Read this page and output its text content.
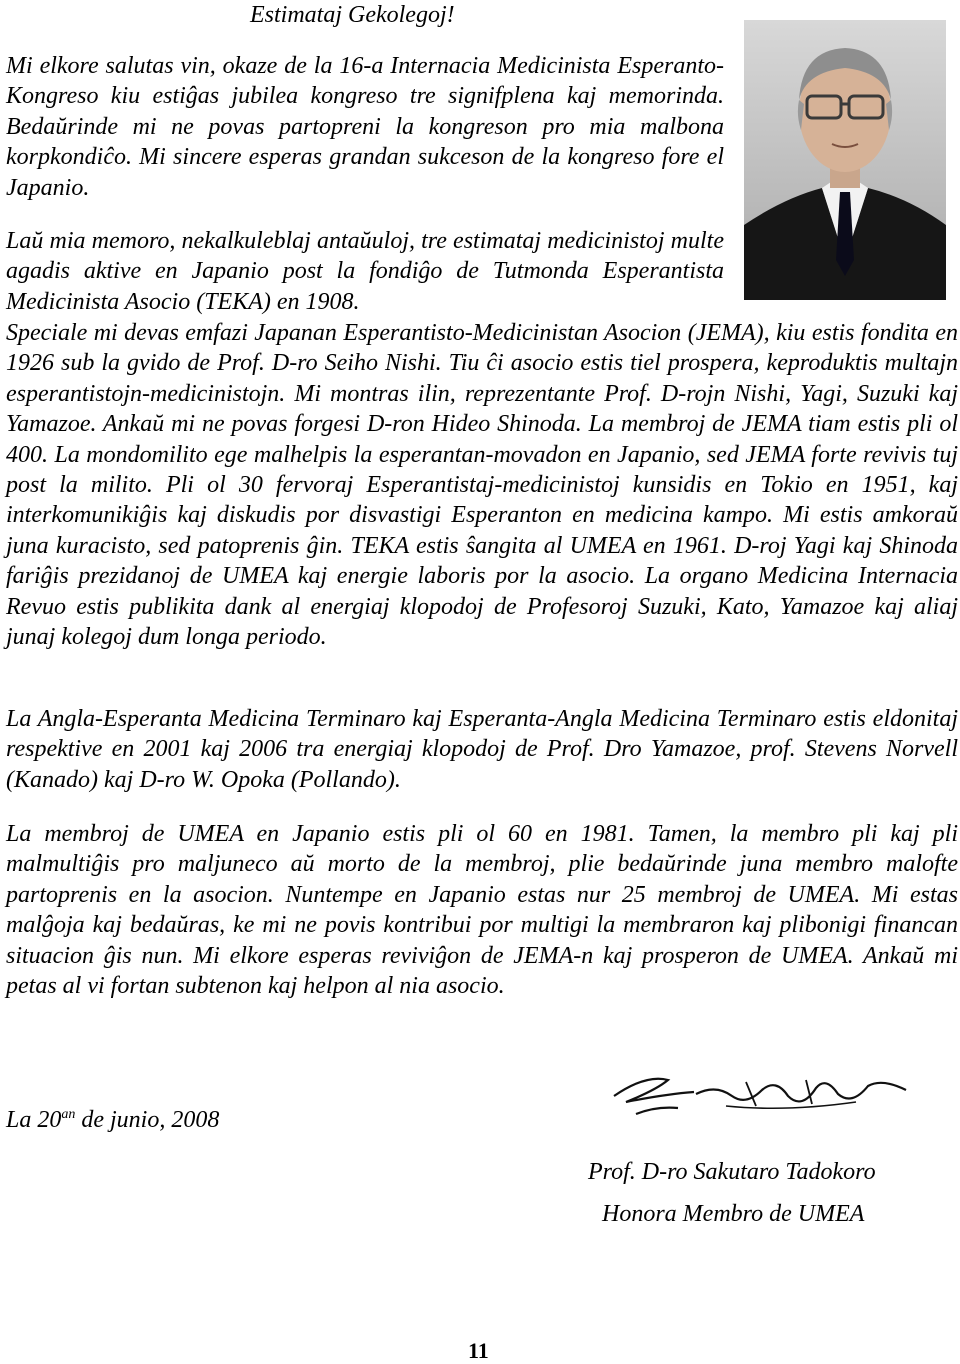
Estimataj Gekolegoj!

Mi elkore salutas vin, okaze de la 16-a Internacia Medicinista Esperanto-Kongreso kiu estiĝas jubilea kongreso tre signifplena kaj memorinda. Bedaŭrinde mi ne povas partopreni la kongreson pro mia malbona korpkondiĉo. Mi sincere esperas grandan sukceson de la kongreso fore el Japanio.

Laŭ mia memoro, nekalkuleblaj antaŭuloj, tre estimataj medicinistoj multe agadis aktive en Japanio post la fondiĝo de Tutmonda Esperantista Medicinista Asocio (TEKA) en 1908.

Speciale mi devas emfazi Japanan Esperantisto-Medicinistan Asocion (JEMA), kiu estis fondita en 1926 sub la gvido de Prof. D-ro Seiho Nishi. Tiu ĉi asocio estis tiel prospera, keproduktis multajn esperantistojn-medicinistojn. Mi montras ilin, reprezentante Prof. D-rojn Nishi, Yagi, Suzuki kaj Yamazoe. Ankaŭ mi ne povas forgesi D-ron Hideo Shinoda. La membroj de JEMA tiam estis pli ol 400. La mondomilito ege malhelpis la esperantan-movadon en Japanio, sed JEMA forte revivis tuj post la milito. Pli ol 30 fervoraj Esperantistaj-medicinistoj kunsidis en Tokio en 1951, kaj interkomunikiĝis kaj diskudis por disvastigi Esperanton en medicina kampo. Mi estis amkoraŭ juna kuracisto, sed patoprenis ĝin. TEKA estis ŝangita al UMEA en 1961. D-roj Yagi kaj Shinoda fariĝis prezidanoj de UMEA kaj energie laboris por la asocio. La organo Medicina Internacia Revuo estis publikita dank al energiaj klopodoj de Profesoroj Suzuki, Kato, Yamazoe kaj aliaj junaj kolegoj dum longa periodo.

La Angla-Esperanta Medicina Terminaro kaj Esperanta-Angla Medicina Terminaro estis eldonitaj respektive en 2001 kaj 2006 tra energiaj klopodoj de Prof. Dro Yamazoe, prof. Stevens Norvell (Kanado) kaj D-ro W. Opoka (Pollando).

La membroj de UMEA en Japanio estis pli ol 60 en 1981. Tamen, la membro pli kaj pli malmultiĝis pro maljuneco aŭ morto de la membroj, plie bedaŭrinde juna membro malofte partoprenis en la asocion. Nuntempe en Japanio estas nur 25 membroj de UMEA. Mi estas malĝoja kaj bedaŭras, ke mi ne povis kontribui por multigi la membraron kaj plibonigi financan situacion ĝis nun. Mi elkore esperas reviviĝon de JEMA-n kaj prosperon de UMEA. Ankaŭ mi petas al vi fortan subtenon kaj helpon al nia asocio.

La $20^{an}$ de junio, 2008
Prof. D-ro Sakutaro Tadokoro
Honora Membro de UMEA
11
